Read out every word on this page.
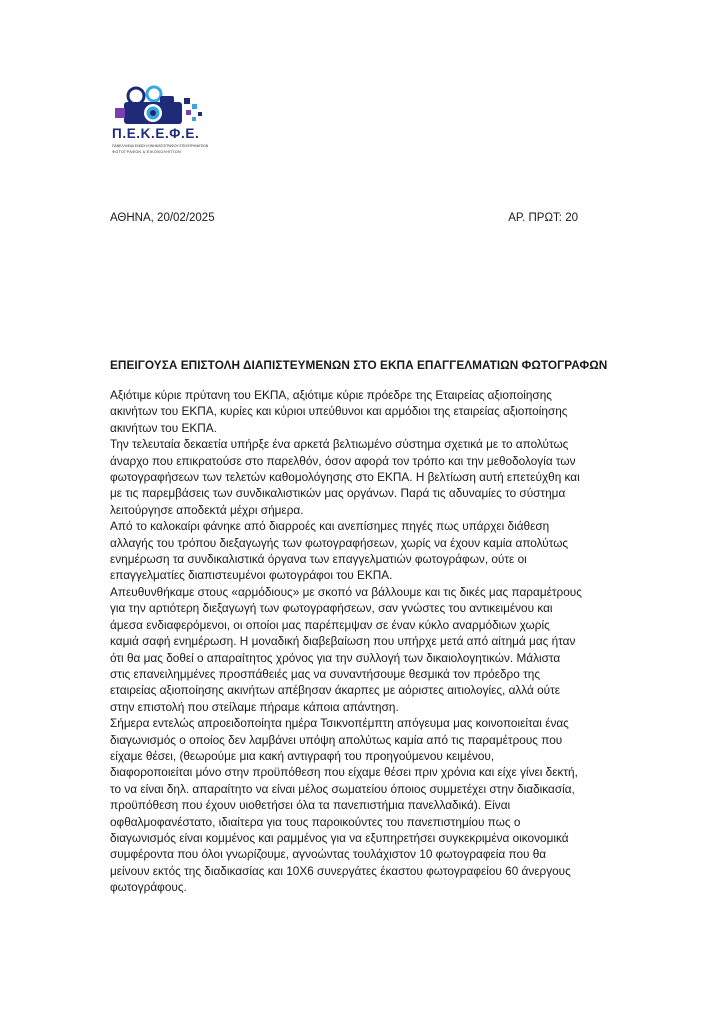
Π.Ε.Κ.Ε.Φ.Ε.
ΠΑΝΕΛΛΗΝΙΑ ΕΝΩΣΗ ΚΙΝΗΜΑΤΟΓΡΑΦΟΥ ΕΠΙΧΕΙΡΗΜΑΤΙΩΝ
ΦΩΤΟΓΡΑΦΩΝ & ΕΙΚΟΝΟΛΗΠΤΩΝ
ΑΘΗΝΑ, 20/02/2025	ΑΡ. ΠΡΩΤ: 20
ΕΠΕΙΓΟΥΣΑ ΕΠΙΣΤΟΛΗ ΔΙΑΠΙΣΤΕΥΜΕΝΩΝ ΣΤΟ ΕΚΠΑ ΕΠΑΓΓΕΛΜΑΤΙΩΝ ΦΩΤΟΓΡΑΦΩΝ
Αξιότιμε κύριε πρύτανη του ΕΚΠΑ, αξιότιμε κύριε πρόεδρε της Εταιρείας αξιοποίησης
ακινήτων του ΕΚΠΑ, κυρίες και κύριοι υπεύθυνοι και αρμόδιοι της εταιρείας αξιοποίησης
ακινήτων του ΕΚΠΑ.
Την τελευταία δεκαετία υπήρξε ένα αρκετά βελτιωμένο σύστημα σχετικά με το απολύτως
άναρχο που επικρατούσε στο παρελθόν, όσον αφορά τον τρόπο και την μεθοδολογία των
φωτογραφήσεων των τελετών καθομολόγησης στο ΕΚΠΑ. Η βελτίωση αυτή επετεύχθη και
με τις παρεμβάσεις των συνδικαλιστικών μας οργάνων. Παρά τις αδυναμίες το σύστημα
λειτούργησε αποδεκτά μέχρι σήμερα.
Από το καλοκαίρι φάνηκε από διαρροές και ανεπίσημες πηγές πως υπάρχει διάθεση
αλλαγής του τρόπου διεξαγωγής των φωτογραφήσεων, χωρίς να έχουν καμία απολύτως
ενημέρωση τα συνδικαλιστικά όργανα των επαγγελματιών φωτογράφων, ούτε οι
επαγγελματίες διαπιστευμένοι φωτογράφοι του ΕΚΠΑ.
Απευθυνθήκαμε στους «αρμόδιους» με σκοπό να βάλλουμε και τις δικές μας παραμέτρους
για την αρτιότερη διεξαγωγή των φωτογραφήσεων, σαν γνώστες του αντικειμένου και
άμεσα ενδιαφερόμενοι, οι οποίοι μας παρέπεμψαν σε έναν κύκλο αναρμόδιων χωρίς
καμιά σαφή ενημέρωση. Η μοναδική διαβεβαίωση που υπήρχε μετά από αίτημά μας ήταν
ότι θα μας δοθεί ο απαραίτητος χρόνος για την συλλογή των δικαιολογητικών. Μάλιστα
στις επανειλημμένες προσπάθειές μας να συναντήσουμε θεσμικά τον πρόεδρο της
εταιρείας αξιοποίησης ακινήτων απέβησαν άκαρπες με αόριστες αιτιολογίες, αλλά ούτε
στην επιστολή που στείλαμε πήραμε κάποια απάντηση.
Σήμερα εντελώς απροειδοποίητα ημέρα Τσικνοπέμπτη απόγευμα μας κοινοποιείται ένας
διαγωνισμός ο οποίος δεν λαμβάνει υπόψη απολύτως καμία από τις παραμέτρους που
είχαμε θέσει, (θεωρούμε μια κακή αντιγραφή του προηγούμενου κειμένου,
διαφοροποιείται μόνο στην προϋπόθεση που είχαμε θέσει πριν χρόνια και είχε γίνει δεκτή,
το να είναι δηλ. απαραίτητο να είναι μέλος σωματείου όποιος συμμετέχει στην διαδικασία,
προϋπόθεση που έχουν υιοθετήσει όλα τα πανεπιστήμια πανελλαδικά). Είναι
οφθαλμοφανέστατο, ιδιαίτερα για τους παροικούντες του πανεπιστημίου πως ο
διαγωνισμός είναι κομμένος και ραμμένος για να εξυπηρετήσει συγκεκριμένα οικονομικά
συμφέροντα που όλοι γνωρίζουμε, αγνοώντας τουλάχιστον 10 φωτογραφεία που θα
μείνουν εκτός της διαδικασίας και 10Χ6 συνεργάτες έκαστου φωτογραφείου 60 άνεργους
φωτογράφους.
